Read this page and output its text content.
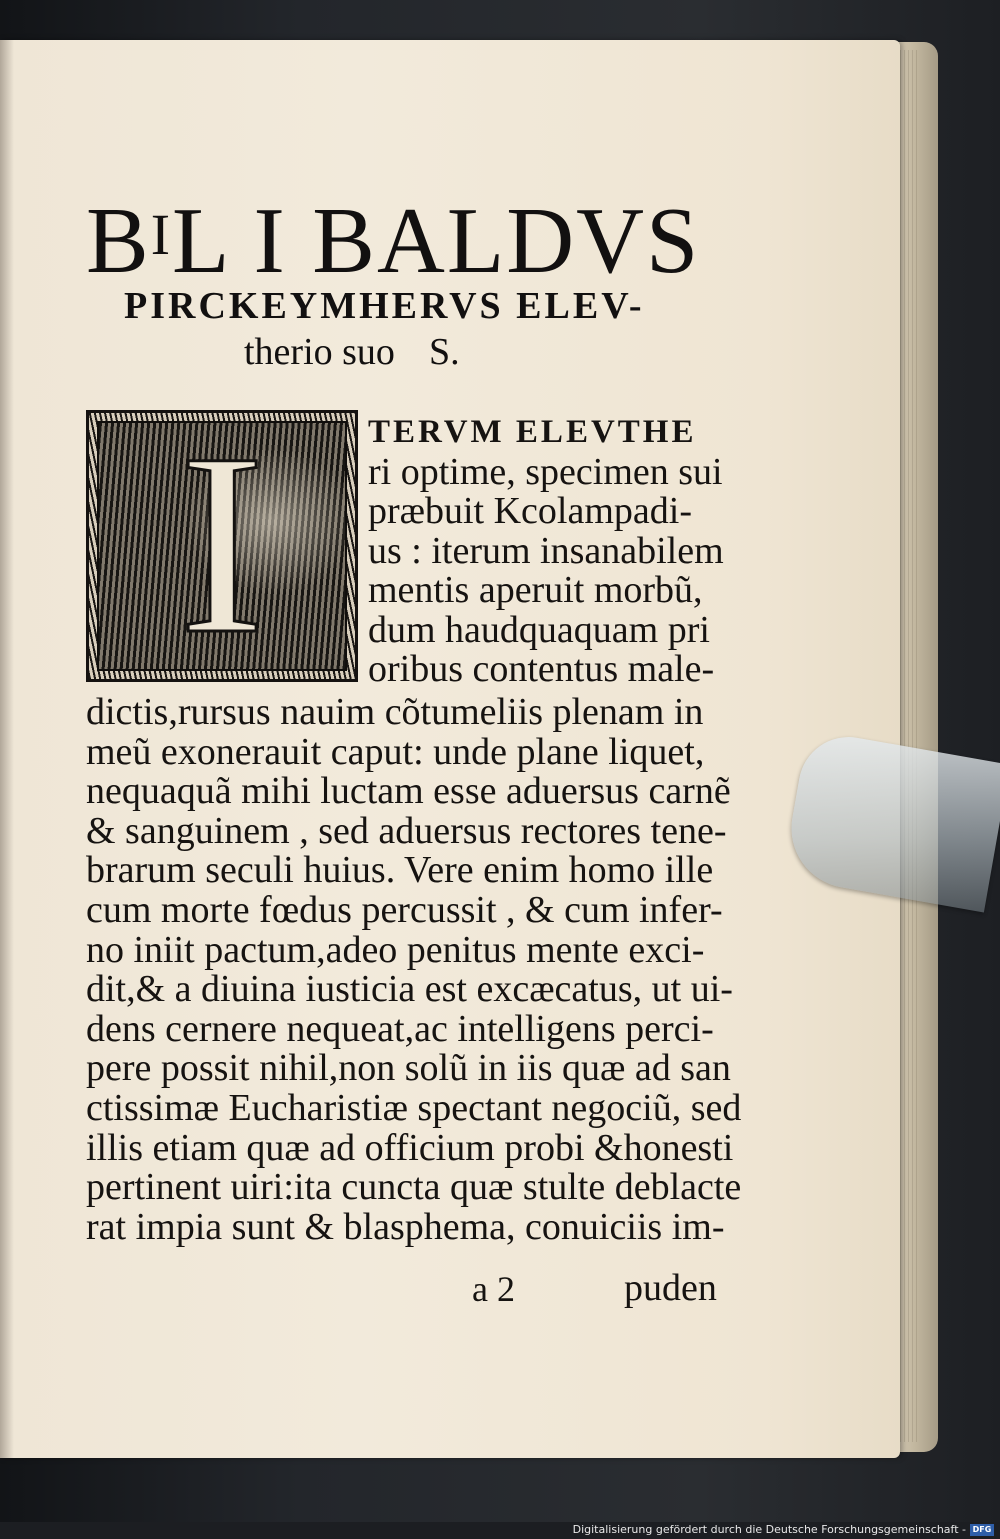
BIL I BALDVS
PIRCKEYMHERVS ELEV-
therio suo S.
I	TERVM ELEVTHE
ri optime, specimen sui
præbuit Kcolampadi-
us : iterum insanabilem
mentis aperuit morbũ,
dum haudquaquam pri
oribus contentus male-
dictis,rursus nauim cõtumeliis plenam in
meũ exonerauit caput: unde plane liquet,
nequaquã mihi luctam esse aduersus carnẽ
& sanguinem , sed aduersus rectores tene-
brarum seculi huius. Vere enim homo ille
cum morte fœdus percussit , & cum infer-
no iniit pactum,adeo penitus mente exci-
dit,& a diuina iusticia est excæcatus, ut ui-
dens cernere nequeat,ac intelligens perci-
pere possit nihil,non solũ in iis quæ ad san
ctissimæ Eucharistiæ spectant negociũ, sed
illis etiam quæ ad officium probi &honesti
pertinent uiri:ita cuncta quæ stulte deblacte
rat impia sunt & blasphema, conuiciis im-
a 2	puden
Digitalisierung gefördert durch die Deutsche Forschungsgemeinschaft - DFG
